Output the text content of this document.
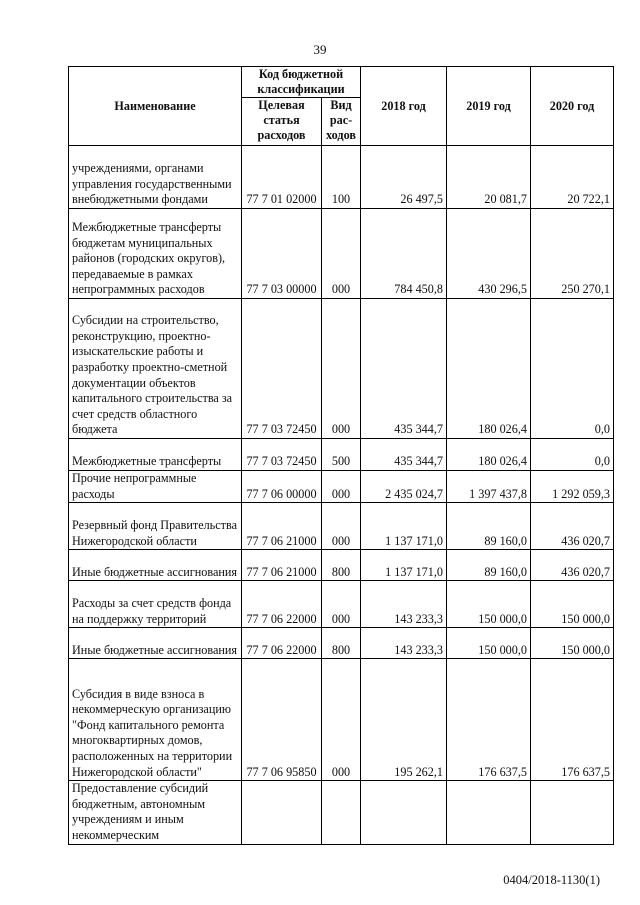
39
Наименование	Код бюджетной классификации		2018 год	2019 год	2020 год
	Целевая статья расходов	Вид рас-ходов			
учреждениями, органами управления государственными внебюджетными фондами	77 7 01 02000	100	26 497,5	20 081,7	20 722,1
Межбюджетные трансферты бюджетам муниципальных районов (городских округов), передаваемые в рамках непрограммных расходов	77 7 03 00000	000	784 450,8	430 296,5	250 270,1
Субсидии на строительство, реконструкцию, проектно-изыскательские работы и разработку проектно-сметной документации объектов капитального строительства за счет средств областного бюджета	77 7 03 72450	000	435 344,7	180 026,4	0,0
Межбюджетные трансферты	77 7 03 72450	500	435 344,7	180 026,4	0,0
Прочие непрограммные расходы	77 7 06 00000	000	2 435 024,7	1 397 437,8	1 292 059,3
Резервный фонд Правительства Нижегородской области	77 7 06 21000	000	1 137 171,0	89 160,0	436 020,7
Иные бюджетные ассигнования	77 7 06 21000	800	1 137 171,0	89 160,0	436 020,7
Расходы за счет средств фонда на поддержку территорий	77 7 06 22000	000	143 233,3	150 000,0	150 000,0
Иные бюджетные ассигнования	77 7 06 22000	800	143 233,3	150 000,0	150 000,0
Субсидия в виде взноса в некоммерческую организацию "Фонд капитального ремонта многоквартирных домов, расположенных на территории Нижегородской области"	77 7 06 95850	000	195 262,1	176 637,5	176 637,5
Предоставление субсидий бюджетным, автономным учреждениям и иным некоммерческим					
0404/2018-1130(1)
